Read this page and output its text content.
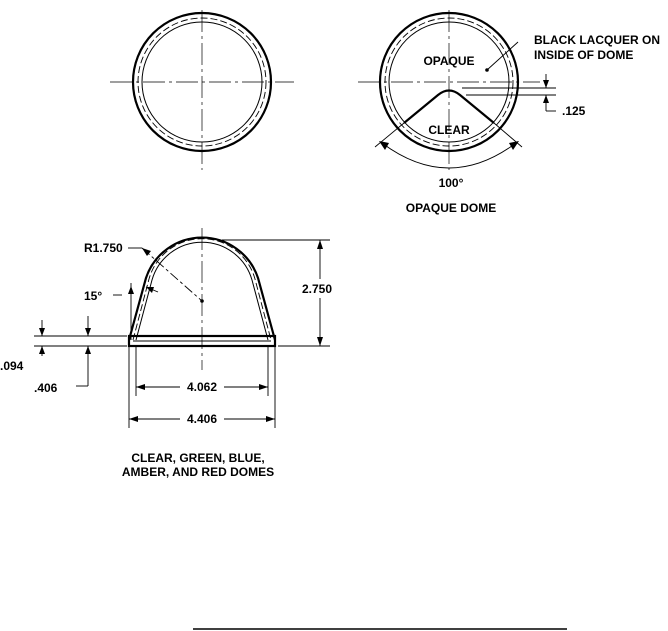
OPAQUE
CLEAR
BLACK LACQUER ON
INSIDE OF DOME
.125
100°
OPAQUE DOME
R1.750
15°	2.750
.094
.406	4.062
4.406
CLEAR, GREEN, BLUE,
AMBER, AND RED DOMES
